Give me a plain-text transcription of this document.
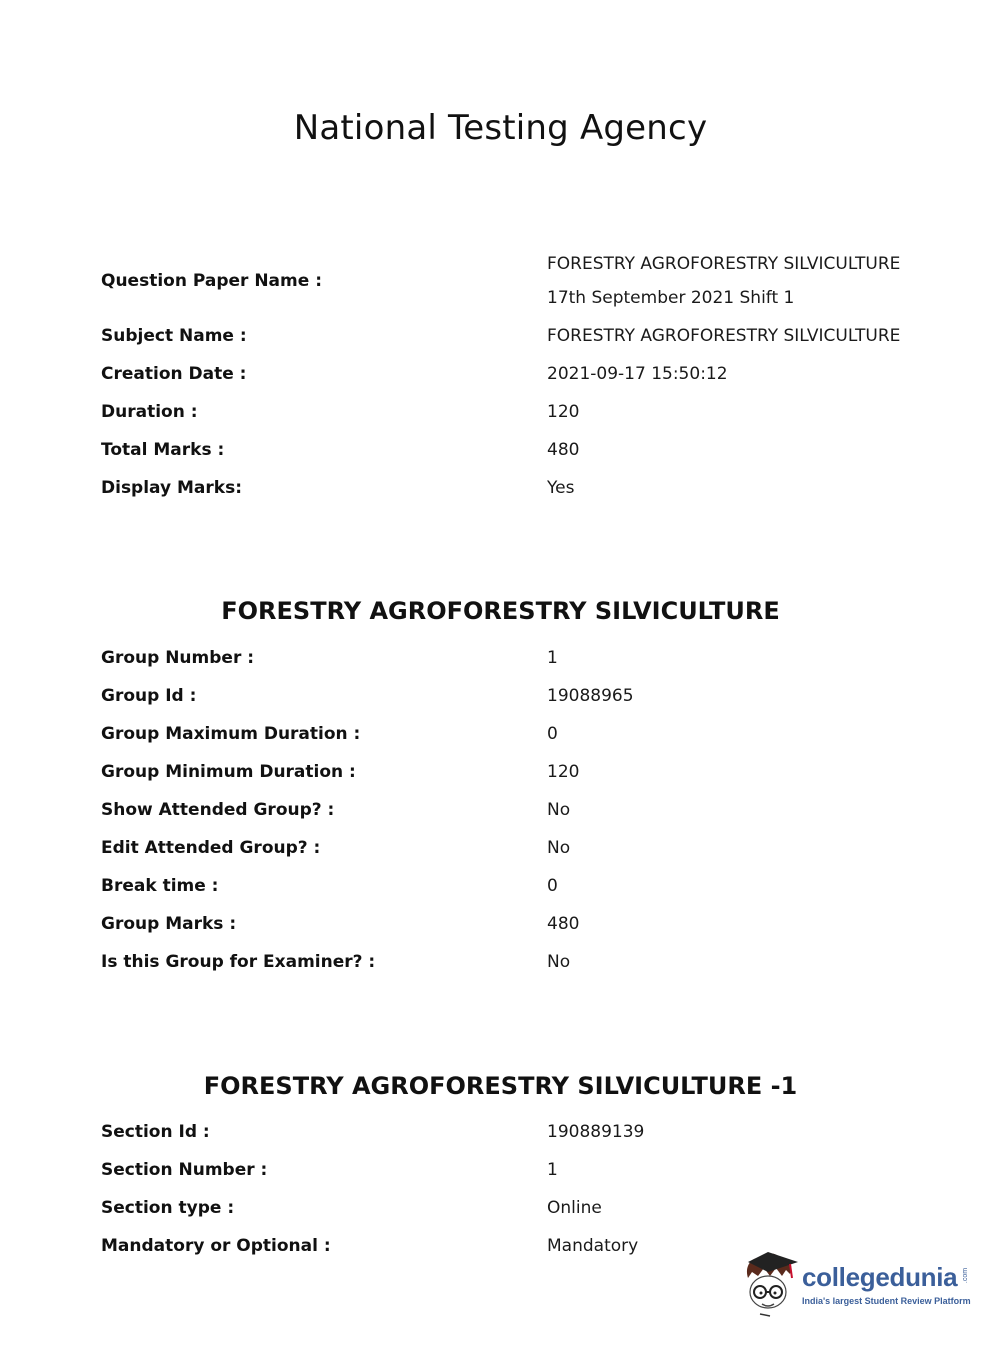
National Testing Agency
Question Paper Name :
FORESTRY AGROFORESTRY SILVICULTURE
17th September 2021 Shift 1
Subject Name :	FORESTRY AGROFORESTRY SILVICULTURE
Creation Date :	2021-09-17 15:50:12
Duration :	120
Total Marks :	480
Display Marks:	Yes
FORESTRY AGROFORESTRY SILVICULTURE
Group Number :	1
Group Id :	19088965
Group Maximum Duration :	0
Group Minimum Duration :	120
Show Attended Group? :	No
Edit Attended Group? :	No
Break time :	0
Group Marks :	480
Is this Group for Examiner? :	No
FORESTRY AGROFORESTRY SILVICULTURE -1
Section Id :	190889139
Section Number :	1
Section type :	Online
Mandatory or Optional :	Mandatory
collegedunia .com
India's largest Student Review Platform
